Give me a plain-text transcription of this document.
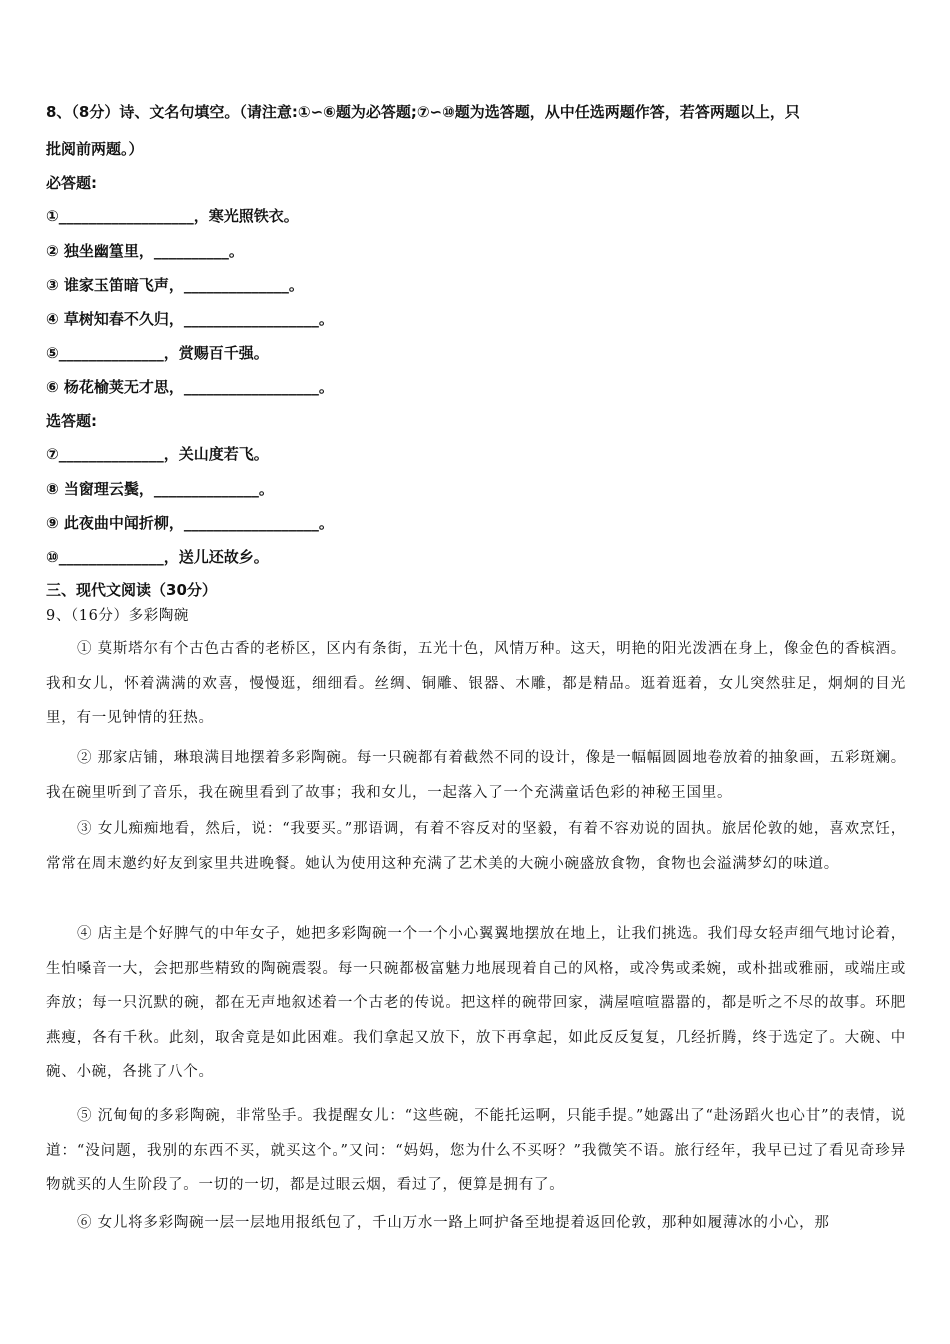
8、（8分）诗、文名句填空。（请注意:①∽⑥题为必答题;⑦∽⑩题为选答题，从中任选两题作答，若答两题以上，只
批阅前两题。）
必答题:
①__________________，寒光照铁衣。
② 独坐幽篁里，__________。
③ 谁家玉笛暗飞声，______________。
④ 草树知春不久归，__________________。
⑤______________，赏赐百千强。
⑥ 杨花榆荚无才思，__________________。
选答题:
⑦______________，关山度若飞。
⑧ 当窗理云鬓，______________。
⑨ 此夜曲中闻折柳，__________________。
⑩______________，送儿还故乡。
三、现代文阅读（30分）
9、（16分）多彩陶碗
① 莫斯塔尔有个古色古香的老桥区，区内有条街，五光十色，风情万种。这天，明艳的阳光泼洒在身上，像金色的香槟酒。我和女儿，怀着满满的欢喜，慢慢逛，细细看。丝绸、铜雕、银器、木雕，都是精品。逛着逛着，女儿突然驻足，炯炯的目光里，有一见钟情的狂热。
② 那家店铺，琳琅满目地摆着多彩陶碗。每一只碗都有着截然不同的设计，像是一幅幅圆圆地卷放着的抽象画，五彩斑斓。我在碗里听到了音乐，我在碗里看到了故事；我和女儿，一起落入了一个充满童话色彩的神秘王国里。
③ 女儿痴痴地看，然后，说：“我要买。”那语调，有着不容反对的坚毅，有着不容劝说的固执。旅居伦敦的她，喜欢烹饪，常常在周末邀约好友到家里共进晚餐。她认为使用这种充满了艺术美的大碗小碗盛放食物，食物也会溢满梦幻的味道。
④ 店主是个好脾气的中年女子，她把多彩陶碗一个一个小心翼翼地摆放在地上，让我们挑选。我们母女轻声细气地讨论着，生怕嗓音一大，会把那些精致的陶碗震裂。每一只碗都极富魅力地展现着自己的风格，或冷隽或柔婉，或朴拙或雅丽，或端庄或奔放；每一只沉默的碗，都在无声地叙述着一个古老的传说。把这样的碗带回家，满屋喧喧嚣嚣的，都是听之不尽的故事。环肥燕瘦，各有千秋。此刻，取舍竟是如此困难。我们拿起又放下，放下再拿起，如此反反复复，几经折腾，终于选定了。大碗、中碗、小碗，各挑了八个。
⑤ 沉甸甸的多彩陶碗，非常坠手。我提醒女儿：“这些碗，不能托运啊，只能手提。”她露出了“赴汤蹈火也心甘”的表情，说道：“没问题，我别的东西不买，就买这个。”又问：“妈妈，您为什么不买呀？”我微笑不语。旅行经年，我早已过了看见奇珍异物就买的人生阶段了。一切的一切，都是过眼云烟，看过了，便算是拥有了。
⑥ 女儿将多彩陶碗一层一层地用报纸包了，千山万水一路上呵护备至地提着返回伦敦，那种如履薄冰的小心，那
